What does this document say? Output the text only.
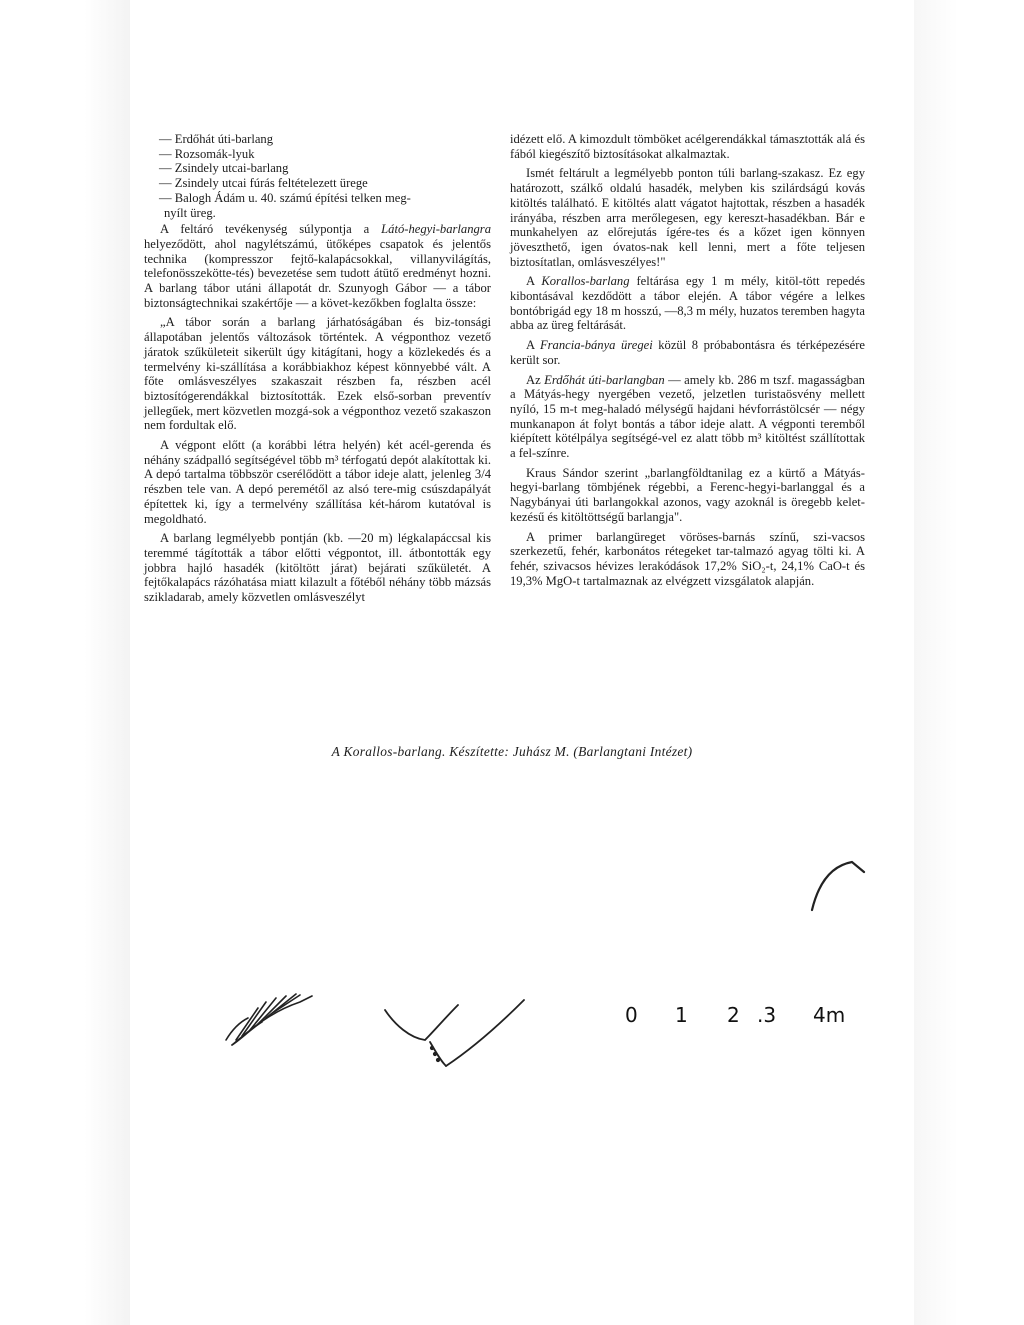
— Erdőhát úti-barlang
— Rozsomák-lyuk
— Zsindely utcai-barlang
— Zsindely utcai fúrás feltételezett üregе
— Balogh Ádám u. 40. számú építési telken meg-
nyílt üreg.

A feltáró tevékenység súlypontja a Látó-hegyi-barlangra helyeződött, ahol nagylétszámú, ütőképes csapatok és jelentős technika (kompresszor fejtő-kalapácsokkal, villanyvilágítás, telefonösszekötte-tés) bevezetése sem tudott átütő eredményt hozni. A barlang tábor utáni állapotát dr. Szunyogh Gábor — a tábor biztonságtechnikai szakértője — a követ-kezőkben foglalta össze:

„A tábor során a barlang járhatóságában és biz-tonsági állapotában jelentős változások történtek. A végponthoz vezető járatok szűkületeit sikerült úgy kitágítani, hogy a közlekedés és a termelvény ki-szállítása a korábbiakhoz képest könnyebbé vált. A főte omlásveszélyes szakaszait részben fa, részben acél biztosítógerendákkal biztosították. Ezek első-sorban preventív jellegűek, mert közvetlen mozgá-sok a végponthoz vezető szakaszon nem fordultak elő.

A végpont előtt (a korábbi létra helyén) két acél-gerenda és néhány szádpalló segítségével több m³ térfogatú depót alakítottak ki. A depó tartalma többször cserélődött a tábor ideje alatt, jelenleg 3/4 részben tele van. A depó peremétől az alsó tere-mig csúszdapályát építettek ki, így a termelvény szállítása két-három kutatóval is megoldható.

A barlang legmélyebb pontján (kb. —20 m) légkalapáccsal kis teremmé tágították a tábor előtti végpontot, ill. átbontották egy jobbra hajló hasadék (kitöltött járat) bejárati szűkületét. A fejtőkalapács rázóhatása miatt kilazult a főtéből néhány több mázsás szikladarab, amely közvetlen omlásveszélyt

idézett elő. A kimozdult tömböket acélgerendákkal támasztották alá és fából kiegészítő biztosításokat alkalmaztak.

Ismét feltárult a legmélyebb ponton túli barlang-szakasz. Ez egy határozott, szálkő oldalú hasadék, melyben kis szilárdságú kovás kitöltés található. E kitöltés alatt vágatot hajtottak, részben a hasadék irányába, részben arra merőlegesen, egy kereszt-hasadékban. Bár e munkahelyen az előrejutás ígére-tes és a kőzet igen könnyen jöveszthető, igen óvatos-nak kell lenni, mert a főte teljesen biztosítatlan, omlásveszélyes!"

A Korallos-barlang feltárása egy 1 m mély, kitöl-tött repedés kibontásával kezdődött a tábor elején. A tábor végére a lelkes bontóbrigád egy 18 m hosszú, —8,3 m mély, huzatos teremben hagyta abba az üreg feltárását.

A Francia-bánya üregei közül 8 próbabontásra és térképezésére került sor.

Az Erdőhát úti-barlangban — amely kb. 286 m tszf. magasságban a Mátyás-hegy nyergében vezető, jelzetlen turistaösvény mellett nyíló, 15 m-t meg-haladó mélységű hajdani hévforrástölcsér — négy munkanapon át folyt bontás a tábor ideje alatt. A végponti teremből kiépített kötélpálya segítségé-vel ez alatt több m³ kitöltést szállítottak a fel-színre.

Kraus Sándor szerint „barlangföldtanilag ez a kürtő a Mátyás-hegyi-barlang tömbjének régebbi, a Ferenc-hegyi-barlanggal és a Nagybányai úti barlangokkal azonos, vagy azoknál is öregebb kelet-kezésű és kitöltöttségű barlangja".

A primer barlangüreget vöröses-barnás színű, szi-vacsos szerkezetű, fehér, karbonátos rétegeket tar-talmazó agyag tölti ki. A fehér, szivacsos hévizes lerakódások 17,2% SiO₂-t, 24,1% CaO-t és 19,3% MgO-t tartalmaznak az elvégzett vizsgálatok alapján.

A Korallos-barlang. Készítette: Juhász M. (Barlangtani Intézet)
0 1 2 .3 4m
